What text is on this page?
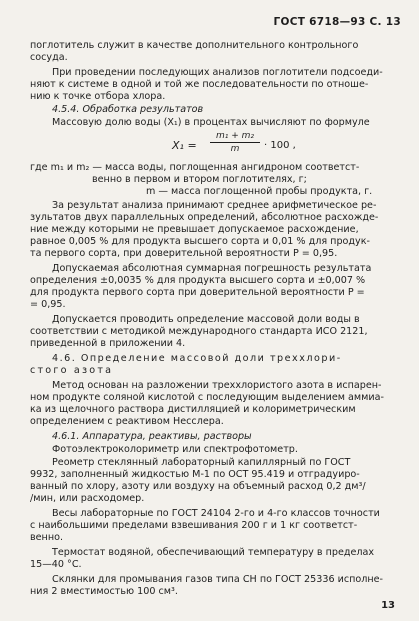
ГОСТ 6718—93 С. 13
поглотитель служит в качестве дополнительного контрольного
сосуда.
При проведении последующих анализов поглотители подсоеди-
няют к системе в одной и той же последовательности по отноше-
нию к точке отбора хлора.
4.5.4. Обработка результатов
Массовую долю воды (X₁) в процентах вычисляют по формуле
X₁ =
m₁ + m₂
m	· 100 ,
где m₁ и m₂ — масса воды, поглощенная ангидроном соответст-
венно в первом и втором поглотителях, г;
m — масса поглощенной пробы продукта, г.
За результат анализа принимают среднее арифметическое ре-
зультатов двух параллельных определений, абсолютное расхожде-
ние между которыми не превышает допускаемое расхождение,
равное 0,005 % для продукта высшего сорта и 0,01 % для продук-
та первого сорта, при доверительной вероятности P = 0,95.
Допускаемая абсолютная суммарная погрешность результата
определения ±0,0035 % для продукта высшего сорта и ±0,007 %
для продукта первого сорта при доверительной вероятности P =
= 0,95.
Допускается проводить определение массовой доли воды в
соответствии с методикой международного стандарта ИСО 2121,
приведенной в приложении 4.
4.6. Определение массовой доли треххлори-
стого азота
Метод основан на разложении треххлористого азота в испарен-
ном продукте соляной кислотой с последующим выделением аммиа-
ка из щелочного раствора дистилляцией и колориметрическим
определением с реактивом Несслера.
4.6.1. Аппаратура, реактивы, растворы
Фотоэлектроколориметр или спектрофотометр.
Реометр стеклянный лабораторный капиллярный по ГОСТ
9932, заполненный жидкостью М-1 по ОСТ 95.419 и отградуиро-
ванный по хлору, азоту или воздуху на объемный расход 0,2 дм³/
/мин, или расходомер.
Весы лабораторные по ГОСТ 24104 2-го и 4-го классов точности
с наибольшими пределами взвешивания 200 г и 1 кг соответст-
венно.
Термостат водяной, обеспечивающий температуру в пределах
15—40 °С.
Склянки для промывания газов типа СН по ГОСТ 25336 исполне-
ния 2 вместимостью 100 см³.
13
